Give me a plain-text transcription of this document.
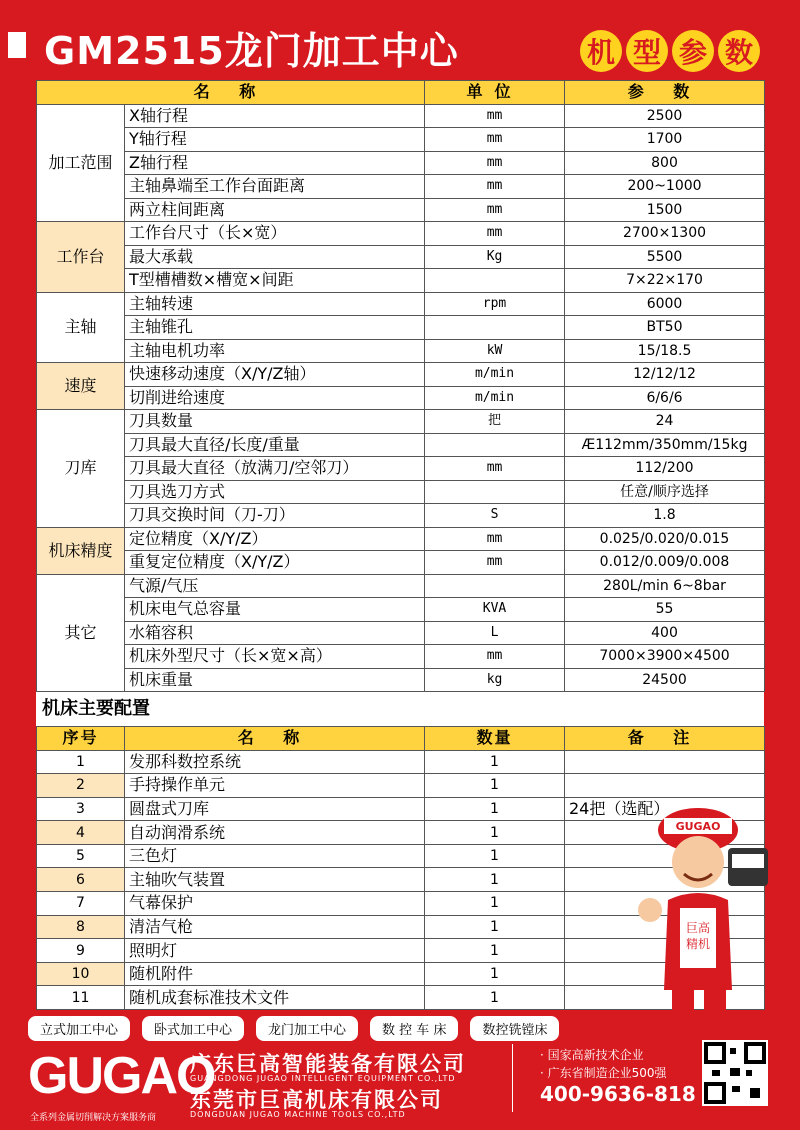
GM2515龙门加工中心	机 型 参 数
名 称		单位	参 数
加工范围	X轴行程	mm	2500
	Y轴行程	mm	1700
	Z轴行程	mm	800
	主轴鼻端至工作台面距离	mm	200~1000
	两立柱间距离	mm	1500
工作台	工作台尺寸（长×宽）	mm	2700×1300
	最大承载	Kg	5500
	T型槽槽数×槽宽×间距		7×22×170
主轴	主轴转速	rpm	6000
	主轴锥孔		BT50
	主轴电机功率	kW	15/18.5
速度	快速移动速度（X/Y/Z轴）	m/min	12/12/12
	切削进给速度	m/min	6/6/6
刀库	刀具数量	把	24
	刀具最大直径/长度/重量		Æ112mm/350mm/15kg
	刀具最大直径（放满刀/空邻刀）	mm	112/200
	刀具选刀方式		任意/顺序选择
	刀具交换时间（刀-刀）	S	1.8
机床精度	定位精度（X/Y/Z）	mm	0.025/0.020/0.015
	重复定位精度（X/Y/Z）	mm	0.012/0.009/0.008
其它	气源/气压		280L/min 6~8bar
	机床电气总容量	KVA	55
	水箱容积	L	400
	机床外型尺寸（长×宽×高）	mm	7000×3900×4500
	机床重量	kg	24500
机床主要配置
序号	名 称	数量	备 注
1	发那科数控系统	1	
2	手持操作单元	1	
3	圆盘式刀库	1	24把（选配）
4	自动润滑系统	1	
5	三色灯	1	
6	主轴吹气装置	1	
7	气幕保护	1	
8	清洁气枪	1	
9	照明灯	1	
10	随机附件	1	
11	随机成套标准技术文件	1	
GUGAO
巨高
精机
立式加工中心	卧式加工中心	龙门加工中心	数 控 车 床	数控铣镗床
GUGAO
全系列金属切削解决方案服务商
广东巨高智能装备有限公司
GUANGDONG JUGAO INTELLIGENT EQUIPMENT CO.,LTD
东莞市巨高机床有限公司
DONGDUAN JUGAO MACHINE TOOLS CO.,LTD
· 国家高新技术企业
· 广东省制造企业500强
400-9636-818
